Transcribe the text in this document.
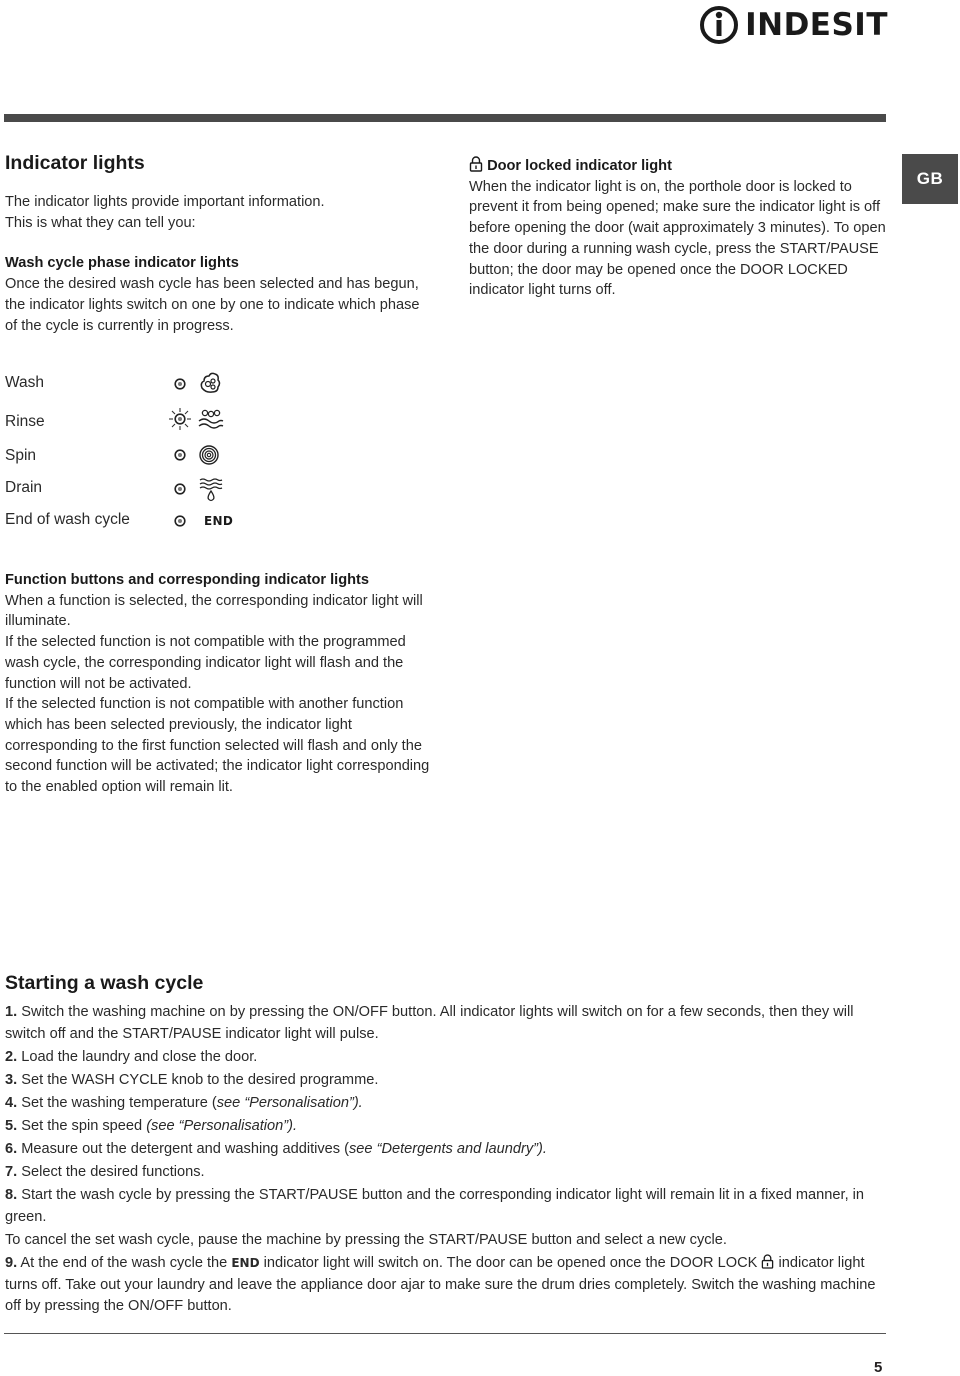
INDESIT
GB
Indicator lights

The indicator lights provide important information.

This is what they can tell you:

Wash cycle phase indicator lights

Once the desired wash cycle has been selected and has begun, the indicator lights switch on one by one to indicate which phase of the cycle is currently in progress.

Door locked indicator light

When the indicator light is on, the porthole door is locked to prevent it from being opened; make sure the indicator light is off before opening the door (wait approximately 3 minutes). To open the door during a running wash cycle, press the START/PAUSE button; the door may be opened once the DOOR LOCKED indicator light turns off.

Wash
Rinse
Spin
Drain
End of wash cycle	END

Function buttons and corresponding indicator lights

When a function is selected, the corresponding indicator light will illuminate.

If the selected function is not compatible with the programmed wash cycle, the corresponding indicator light will flash and the function will not be activated.

If the selected function is not compatible with another function which has been selected previously, the indicator light corresponding to the first function selected will flash and only the second function will be activated; the indicator light corresponding to the enabled option will remain lit.

Starting a wash cycle

1. Switch the washing machine on by pressing the ON/OFF button. All indicator lights will switch on for a few seconds, then they will switch off and the START/PAUSE indicator light will pulse.

2. Load the laundry and close the door.

3. Set the WASH CYCLE knob to the desired programme.

4. Set the washing temperature (see “Personalisation”).

5. Set the spin speed (see “Personalisation”).

6. Measure out the detergent and washing additives (see “Detergents and laundry”).

7. Select the desired functions.

8. Start the wash cycle by pressing the START/PAUSE button and the corresponding indicator light will remain lit in a fixed manner, in green.

To cancel the set wash cycle, pause the machine by pressing the START/PAUSE button and select a new cycle.

9. At the end of the wash cycle the END indicator light will switch on. The door can be opened once the DOOR LOCK indicator light turns off. Take out your laundry and leave the appliance door ajar to make sure the drum dries completely. Switch the washing machine off by pressing the ON/OFF button.

5
